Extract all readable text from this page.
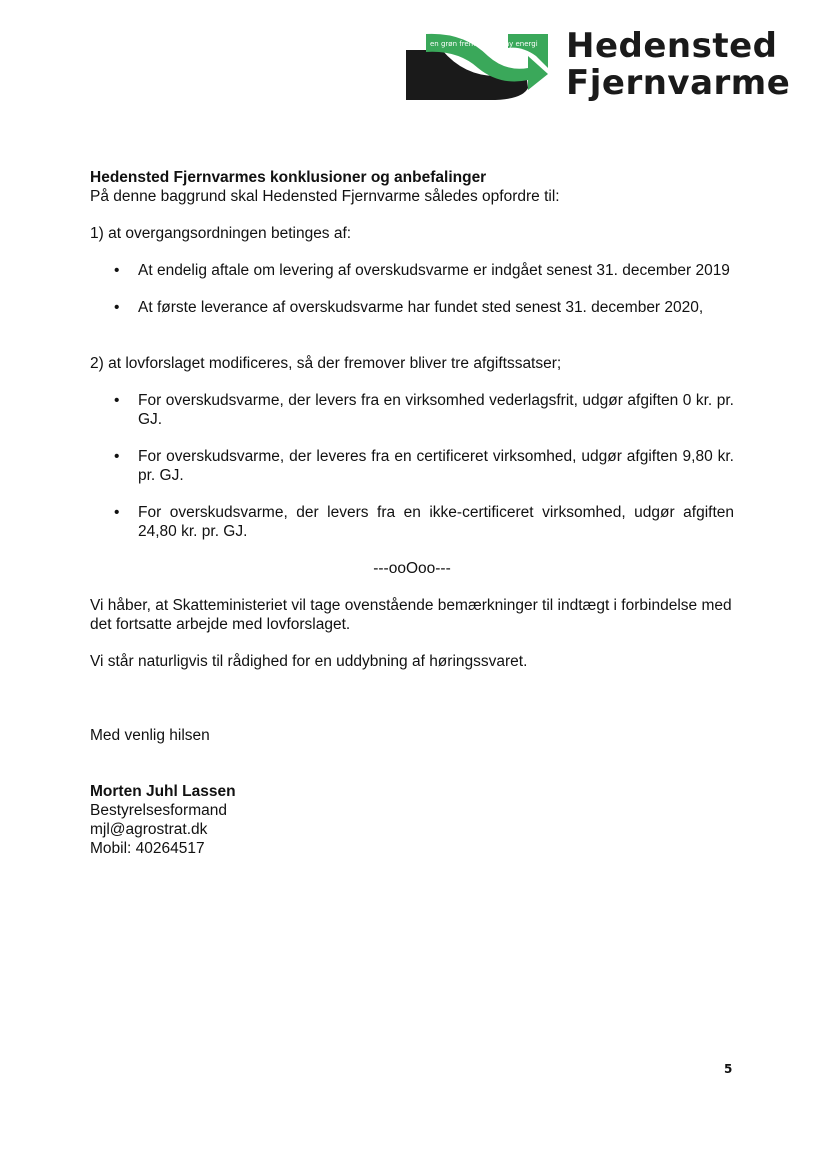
en grøn fremtid med ny energi Hedensted
Fjernvarme

Hedensted Fjernvarmes konklusioner og anbefalinger

På denne baggrund skal Hedensted Fjernvarme således opfordre til:

1) at overgangsordningen betinges af:

• At endelig aftale om levering af overskudsvarme er indgået senest 31. december 2019
• At første leverance af overskudsvarme har fundet sted senest 31. december 2020,

2) at lovforslaget modificeres, så der fremover bliver tre afgiftssatser;

• For overskudsvarme, der levers fra en virksomhed vederlagsfrit, udgør afgiften 0 kr. pr. GJ.
• For overskudsvarme, der leveres fra en certificeret virksomhed, udgør afgiften 9,80 kr. pr. GJ.
• For overskudsvarme, der levers fra en ikke-certificeret virksomhed, udgør afgiften 24,80 kr. pr. GJ.

---ooOoo---

Vi håber, at Skatteministeriet vil tage ovenstående bemærkninger til indtægt i forbindelse med det fortsatte arbejde med lovforslaget.

Vi står naturligvis til rådighed for en uddybning af høringssvaret.

Med venlig hilsen

Morten Juhl Lassen
Bestyrelsesformand
mjl@agrostrat.dk
Mobil: 40264517
5
